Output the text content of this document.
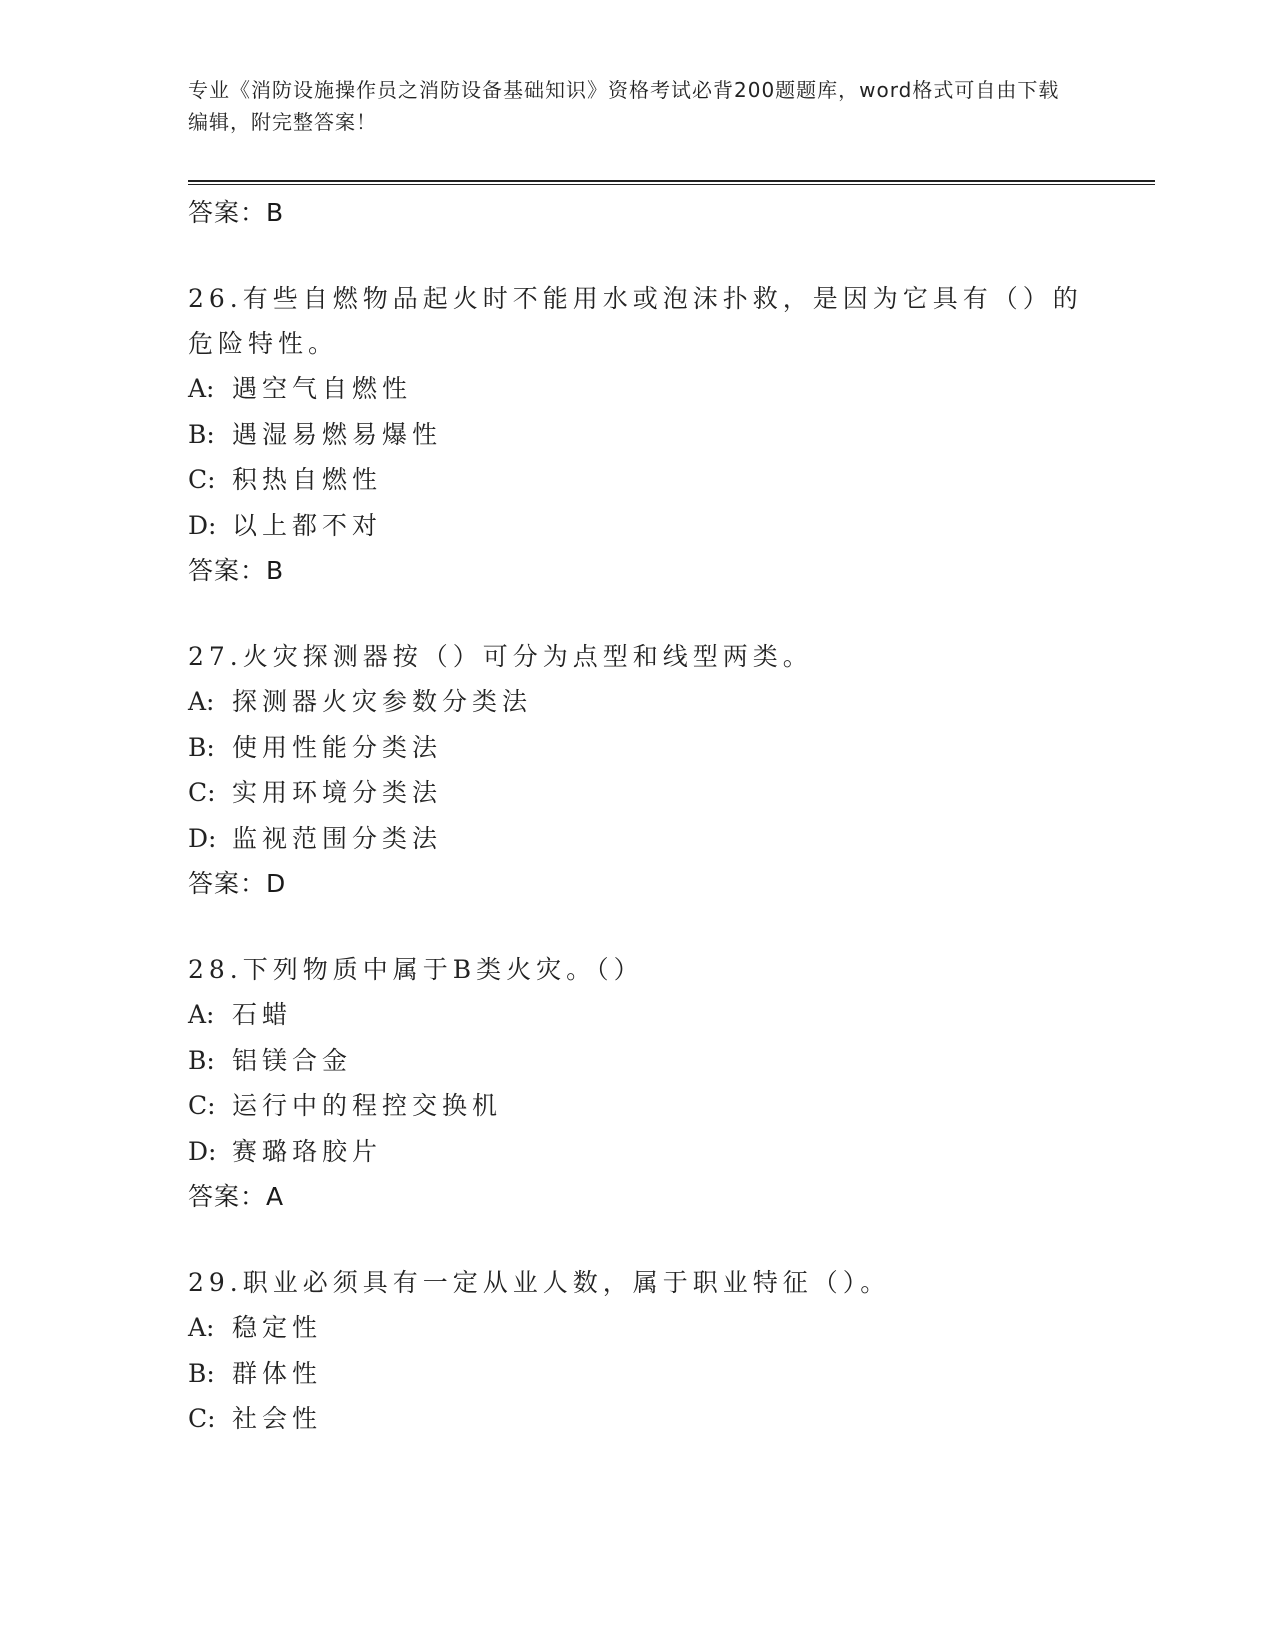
专业《消防设施操作员之消防设备基础知识》资格考试必背200题题库，word格式可自由下载编辑，附完整答案！
答案：B
26.有些自燃物品起火时不能用水或泡沫扑救，是因为它具有（）的危险特性。
A: 遇空气自燃性
B: 遇湿易燃易爆性
C: 积热自燃性
D: 以上都不对
答案：B
27.火灾探测器按（）可分为点型和线型两类。
A: 探测器火灾参数分类法
B: 使用性能分类法
C: 实用环境分类法
D: 监视范围分类法
答案：D
28.下列物质中属于B类火灾。（）
A: 石蜡
B: 铝镁合金
C: 运行中的程控交换机
D: 赛璐珞胶片
答案：A
29.职业必须具有一定从业人数，属于职业特征（）。
A: 稳定性
B: 群体性
C: 社会性
